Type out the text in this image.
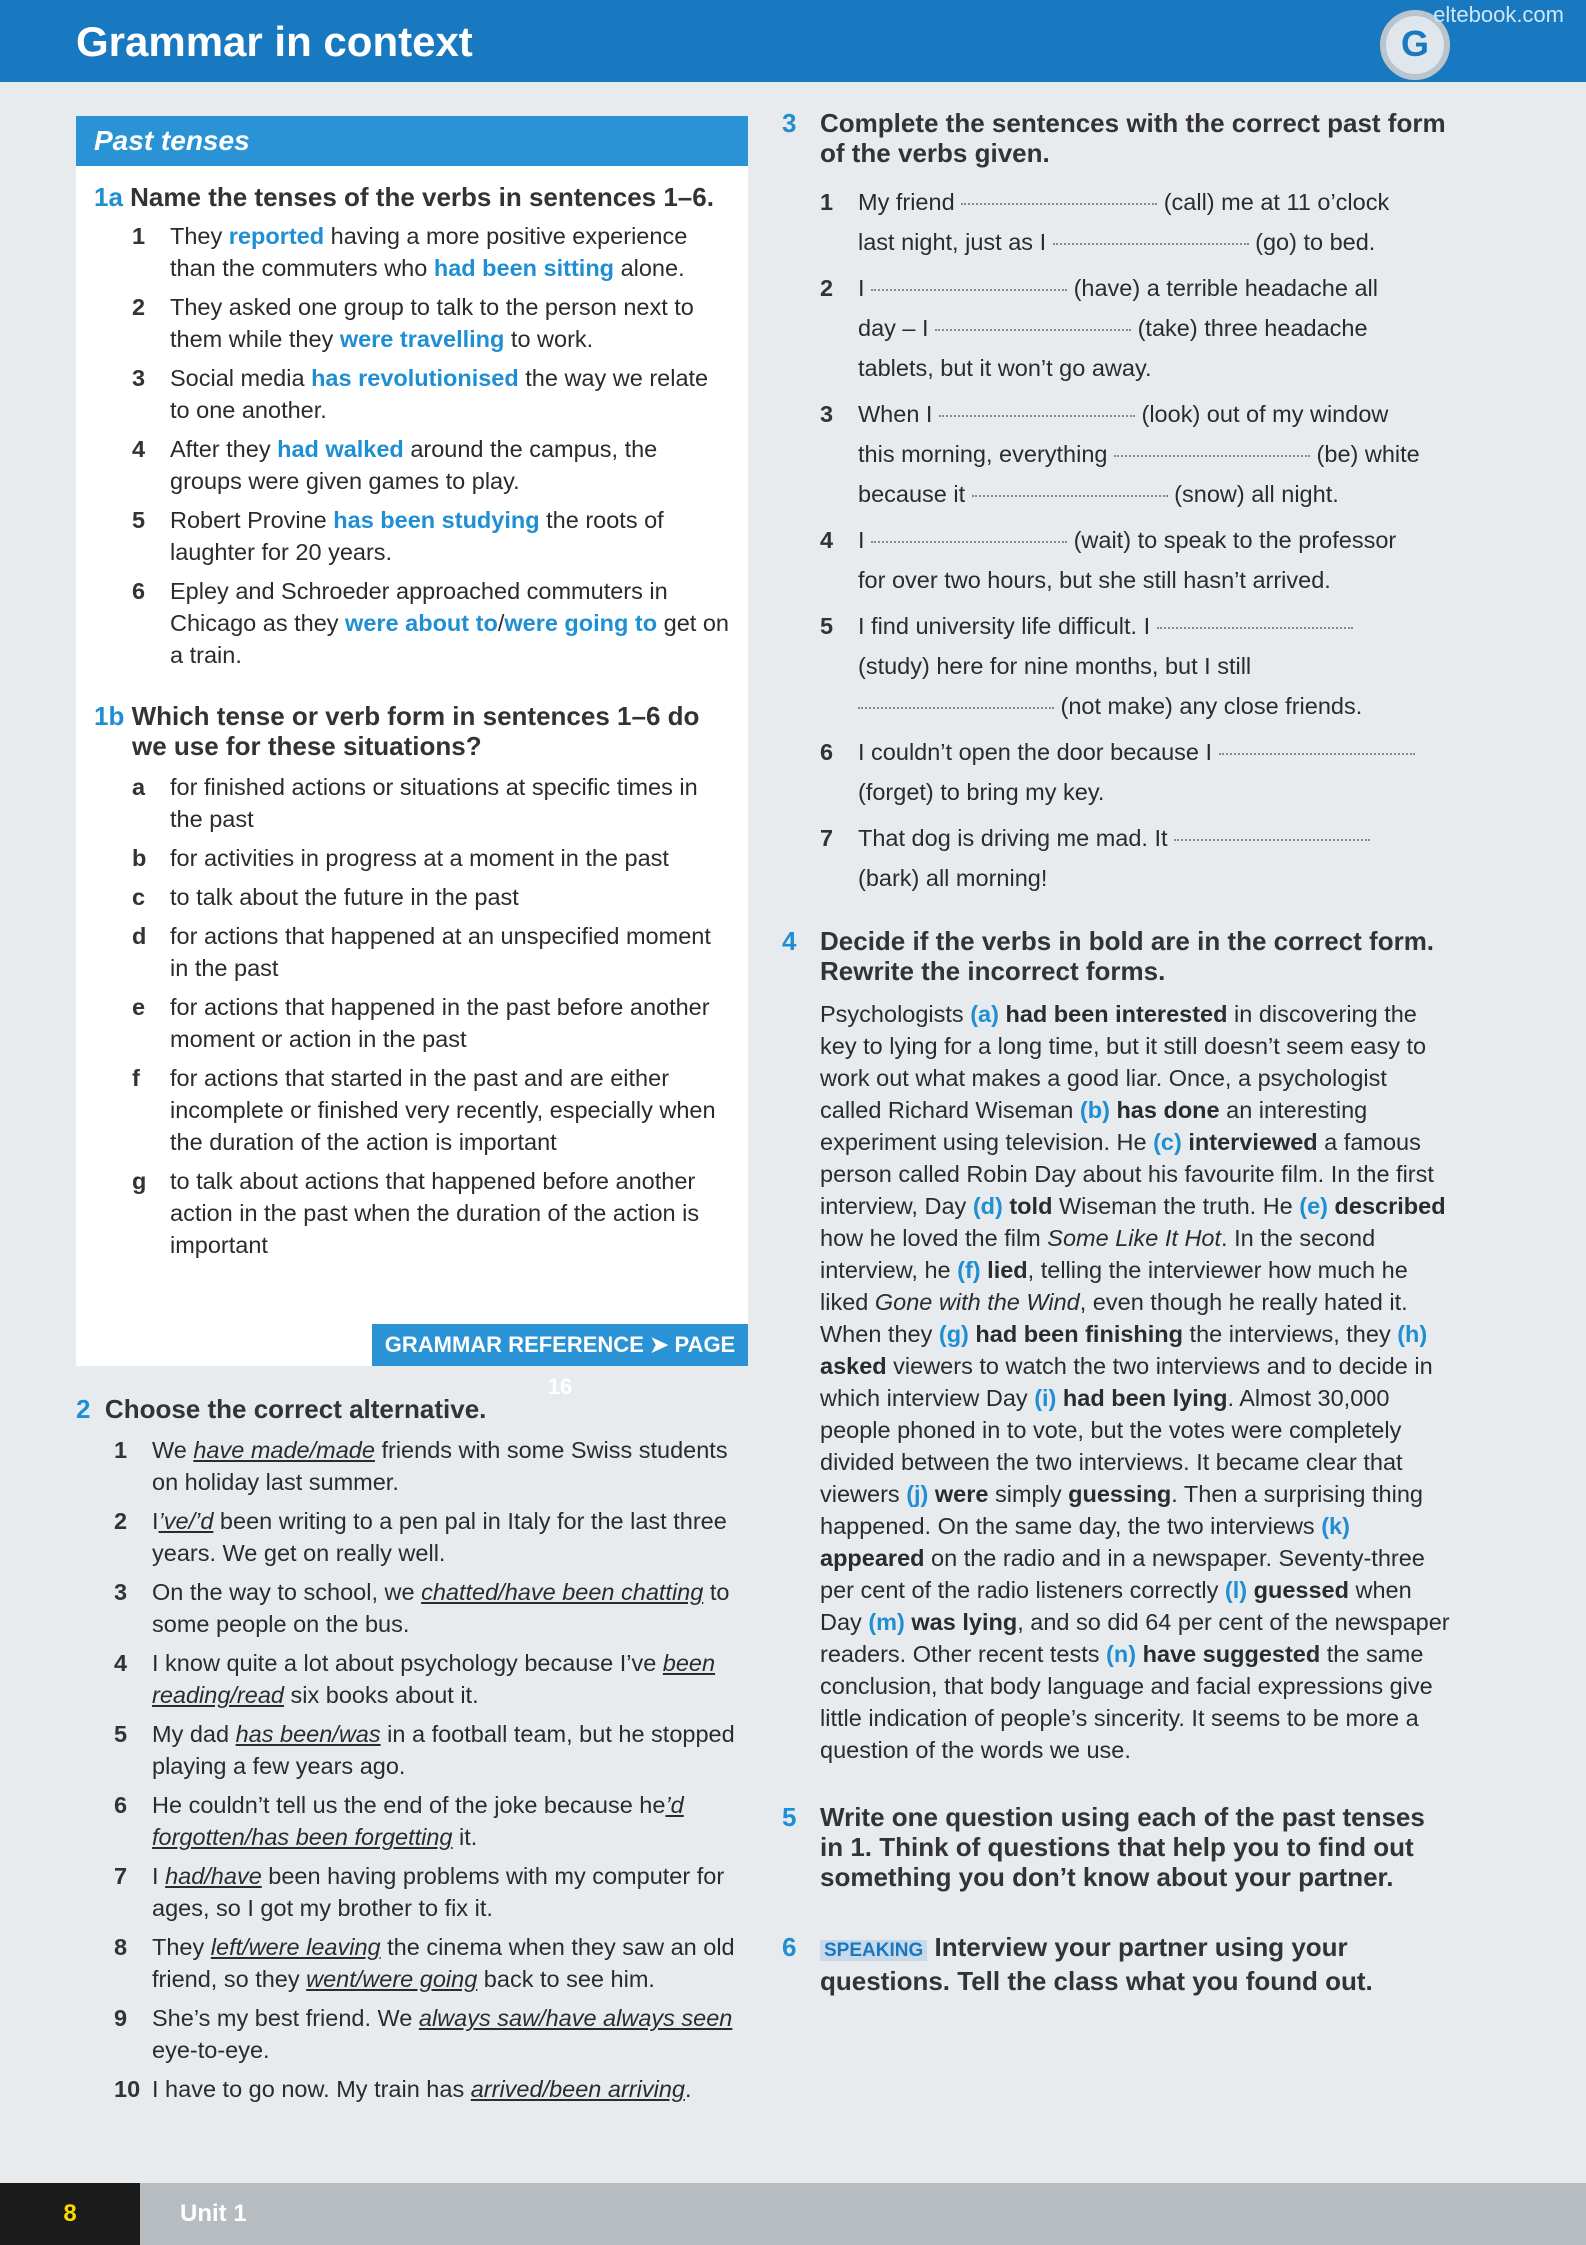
Grammar in context	G
eltebook.com
Past tenses
1a Name the tenses of the verbs in sentences 1–6.
1 They reported having a more positive experience than the commuters who had been sitting alone.
2 They asked one group to talk to the person next to them while they were travelling to work.
3 Social media has revolutionised the way we relate to one another.
4 After they had walked around the campus, the groups were given games to play.
5 Robert Provine has been studying the roots of laughter for 20 years.
6 Epley and Schroeder approached commuters in Chicago as they were about to/were going to get on a train.
1b Which tense or verb form in sentences 1–6 do we use for these situations?
a for finished actions or situations at specific times in the past
b for activities in progress at a moment in the past
c to talk about the future in the past
d for actions that happened at an unspecified moment in the past
e for actions that happened in the past before another moment or action in the past
f for actions that started in the past and are either incomplete or finished very recently, especially when the duration of the action is important
g to talk about actions that happened before another action in the past when the duration of the action is important
GRAMMAR REFERENCE ➤ PAGE 16
2 Choose the correct alternative.
1 We have made/made friends with some Swiss students on holiday last summer.
2 I’ve/’d been writing to a pen pal in Italy for the last three years. We get on really well.
3 On the way to school, we chatted/have been chatting to some people on the bus.
4 I know quite a lot about psychology because I’ve been reading/read six books about it.
5 My dad has been/was in a football team, but he stopped playing a few years ago.
6 He couldn’t tell us the end of the joke because he’d forgotten/has been forgetting it.
7 I had/have been having problems with my computer for ages, so I got my brother to fix it.
8 They left/were leaving the cinema when they saw an old friend, so they went/were going back to see him.
9 She’s my best friend. We always saw/have always seen eye-to-eye.
10 I have to go now. My train has arrived/been arriving.
3 Complete the sentences with the correct past form of the verbs given.
1 My friend	(call) me at 11 o’clock
last night, just as I	(go) to bed.
2 I	(have) a terrible headache all
day – I	(take) three headache
tablets, but it won’t go away.
3 When I	(look) out of my window
this morning, everything	(be) white
because it	(snow) all night.
4 I	(wait) to speak to the professor
for over two hours, but she still hasn’t arrived.
5 I find university life difficult. I
(study) here for nine months, but I still
(not make) any close friends.
6 I couldn’t open the door because I
(forget) to bring my key.
7 That dog is driving me mad. It
(bark) all morning!
4 Decide if the verbs in bold are in the correct form. Rewrite the incorrect forms.

Psychologists (a) had been interested in discovering the key to lying for a long time, but it still doesn’t seem easy to work out what makes a good liar. Once, a psychologist called Richard Wiseman (b) has done an interesting experiment using television. He (c) interviewed a famous person called Robin Day about his favourite film. In the first interview, Day (d) told Wiseman the truth. He (e) described how he loved the film Some Like It Hot. In the second interview, he (f) lied, telling the interviewer how much he liked Gone with the Wind, even though he really hated it. When they (g) had been finishing the interviews, they (h) asked viewers to watch the two interviews and to decide in which interview Day (i) had been lying. Almost 30,000 people phoned in to vote, but the votes were completely divided between the two interviews. It became clear that viewers (j) were simply guessing. Then a surprising thing happened. On the same day, the two interviews (k) appeared on the radio and in a newspaper. Seventy-three per cent of the radio listeners correctly (l) guessed when Day (m) was lying, and so did 64 per cent of the newspaper readers. Other recent tests (n) have suggested the same conclusion, that body language and facial expressions give little indication of people’s sincerity. It seems to be more a question of the words we use.

5 Write one question using each of the past tenses in 1. Think of questions that help you to find out something you don’t know about your partner.
6 SPEAKING Interview your partner using your questions. Tell the class what you found out.
8	Unit 1
